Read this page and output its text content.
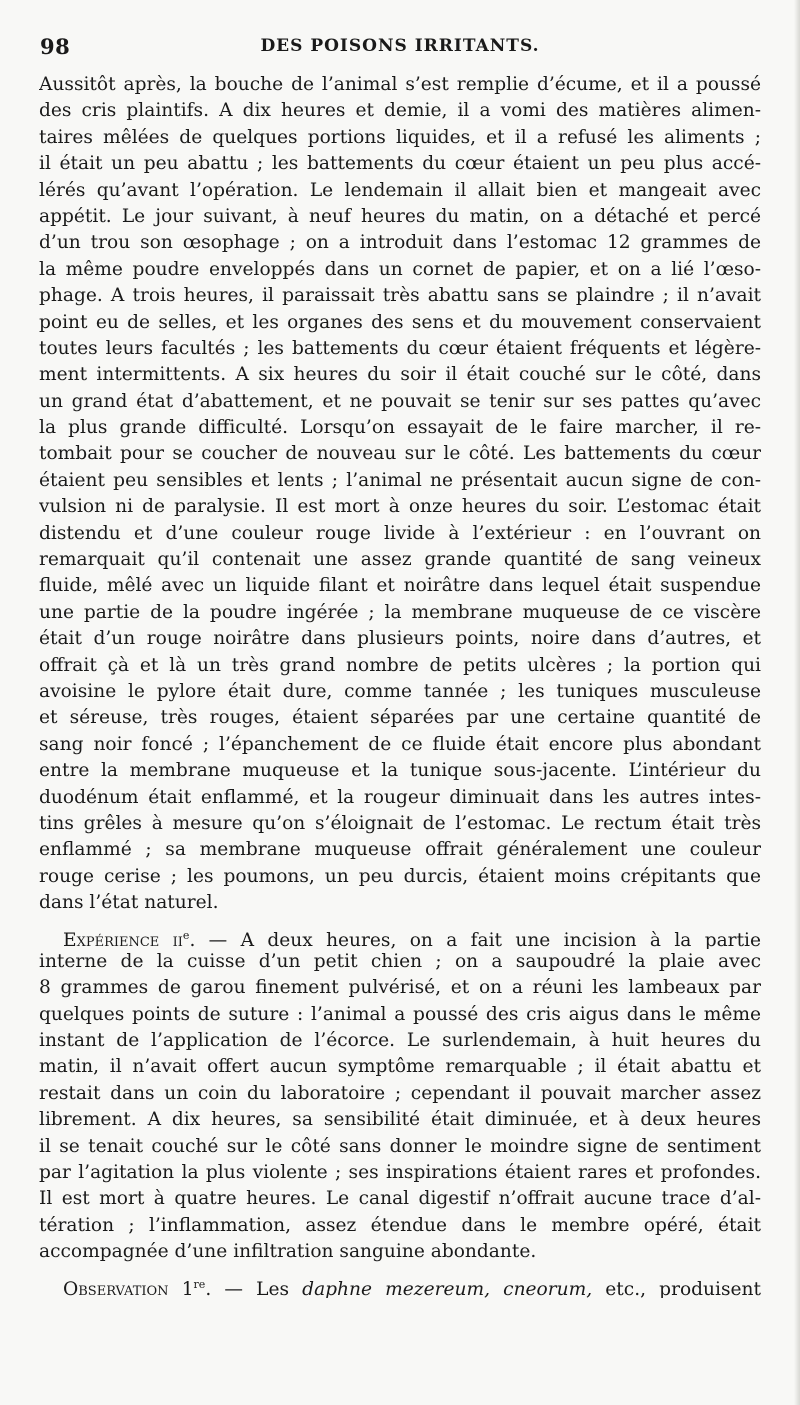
98	DES POISONS IRRITANTS.
Aussitôt après, la bouche de l’animal s’est remplie d’écume, et il a poussé
des cris plaintifs. A dix heures et demie, il a vomi des matières alimen-
taires mêlées de quelques portions liquides, et il a refusé les aliments ;
il était un peu abattu ; les battements du cœur étaient un peu plus accé-
lérés qu’avant l’opération. Le lendemain il allait bien et mangeait avec
appétit. Le jour suivant, à neuf heures du matin, on a détaché et percé
d’un trou son œsophage ; on a introduit dans l’estomac 12 grammes de
la même poudre enveloppés dans un cornet de papier, et on a lié l’œso-
phage. A trois heures, il paraissait très abattu sans se plaindre ; il n’avait
point eu de selles, et les organes des sens et du mouvement conservaient
toutes leurs facultés ; les battements du cœur étaient fréquents et légère-
ment intermittents. A six heures du soir il était couché sur le côté, dans
un grand état d’abattement, et ne pouvait se tenir sur ses pattes qu’avec
la plus grande difficulté. Lorsqu’on essayait de le faire marcher, il re-
tombait pour se coucher de nouveau sur le côté. Les battements du cœur
étaient peu sensibles et lents ; l’animal ne présentait aucun signe de con-
vulsion ni de paralysie. Il est mort à onze heures du soir. L’estomac était
distendu et d’une couleur rouge livide à l’extérieur : en l’ouvrant on
remarquait qu’il contenait une assez grande quantité de sang veineux
fluide, mêlé avec un liquide filant et noirâtre dans lequel était suspendue
une partie de la poudre ingérée ; la membrane muqueuse de ce viscère
était d’un rouge noirâtre dans plusieurs points, noire dans d’autres, et
offrait çà et là un très grand nombre de petits ulcères ; la portion qui
avoisine le pylore était dure, comme tannée ; les tuniques musculeuse
et séreuse, très rouges, étaient séparées par une certaine quantité de
sang noir foncé ; l’épanchement de ce fluide était encore plus abondant
entre la membrane muqueuse et la tunique sous-jacente. L’intérieur du
duodénum était enflammé, et la rougeur diminuait dans les autres intes-
tins grêles à mesure qu’on s’éloignait de l’estomac. Le rectum était très
enflammé ; sa membrane muqueuse offrait généralement une couleur
rouge cerise ; les poumons, un peu durcis, étaient moins crépitants que
dans l’état naturel.
Expérience $ii^e$. — A deux heures, on a fait une incision à la partie
interne de la cuisse d’un petit chien ; on a saupoudré la plaie avec
8 grammes de garou finement pulvérisé, et on a réuni les lambeaux par
quelques points de suture : l’animal a poussé des cris aigus dans le même
instant de l’application de l’écorce. Le surlendemain, à huit heures du
matin, il n’avait offert aucun symptôme remarquable ; il était abattu et
restait dans un coin du laboratoire ; cependant il pouvait marcher assez
librement. A dix heures, sa sensibilité était diminuée, et à deux heures
il se tenait couché sur le côté sans donner le moindre signe de sentiment
par l’agitation la plus violente ; ses inspirations étaient rares et profondes.
Il est mort à quatre heures. Le canal digestif n’offrait aucune trace d’al-
tération ; l’inflammation, assez étendue dans le membre opéré, était
accompagnée d’une infiltration sanguine abondante.
Observation 1re. — Les daphne mezereum, cneorum, etc., produisent
